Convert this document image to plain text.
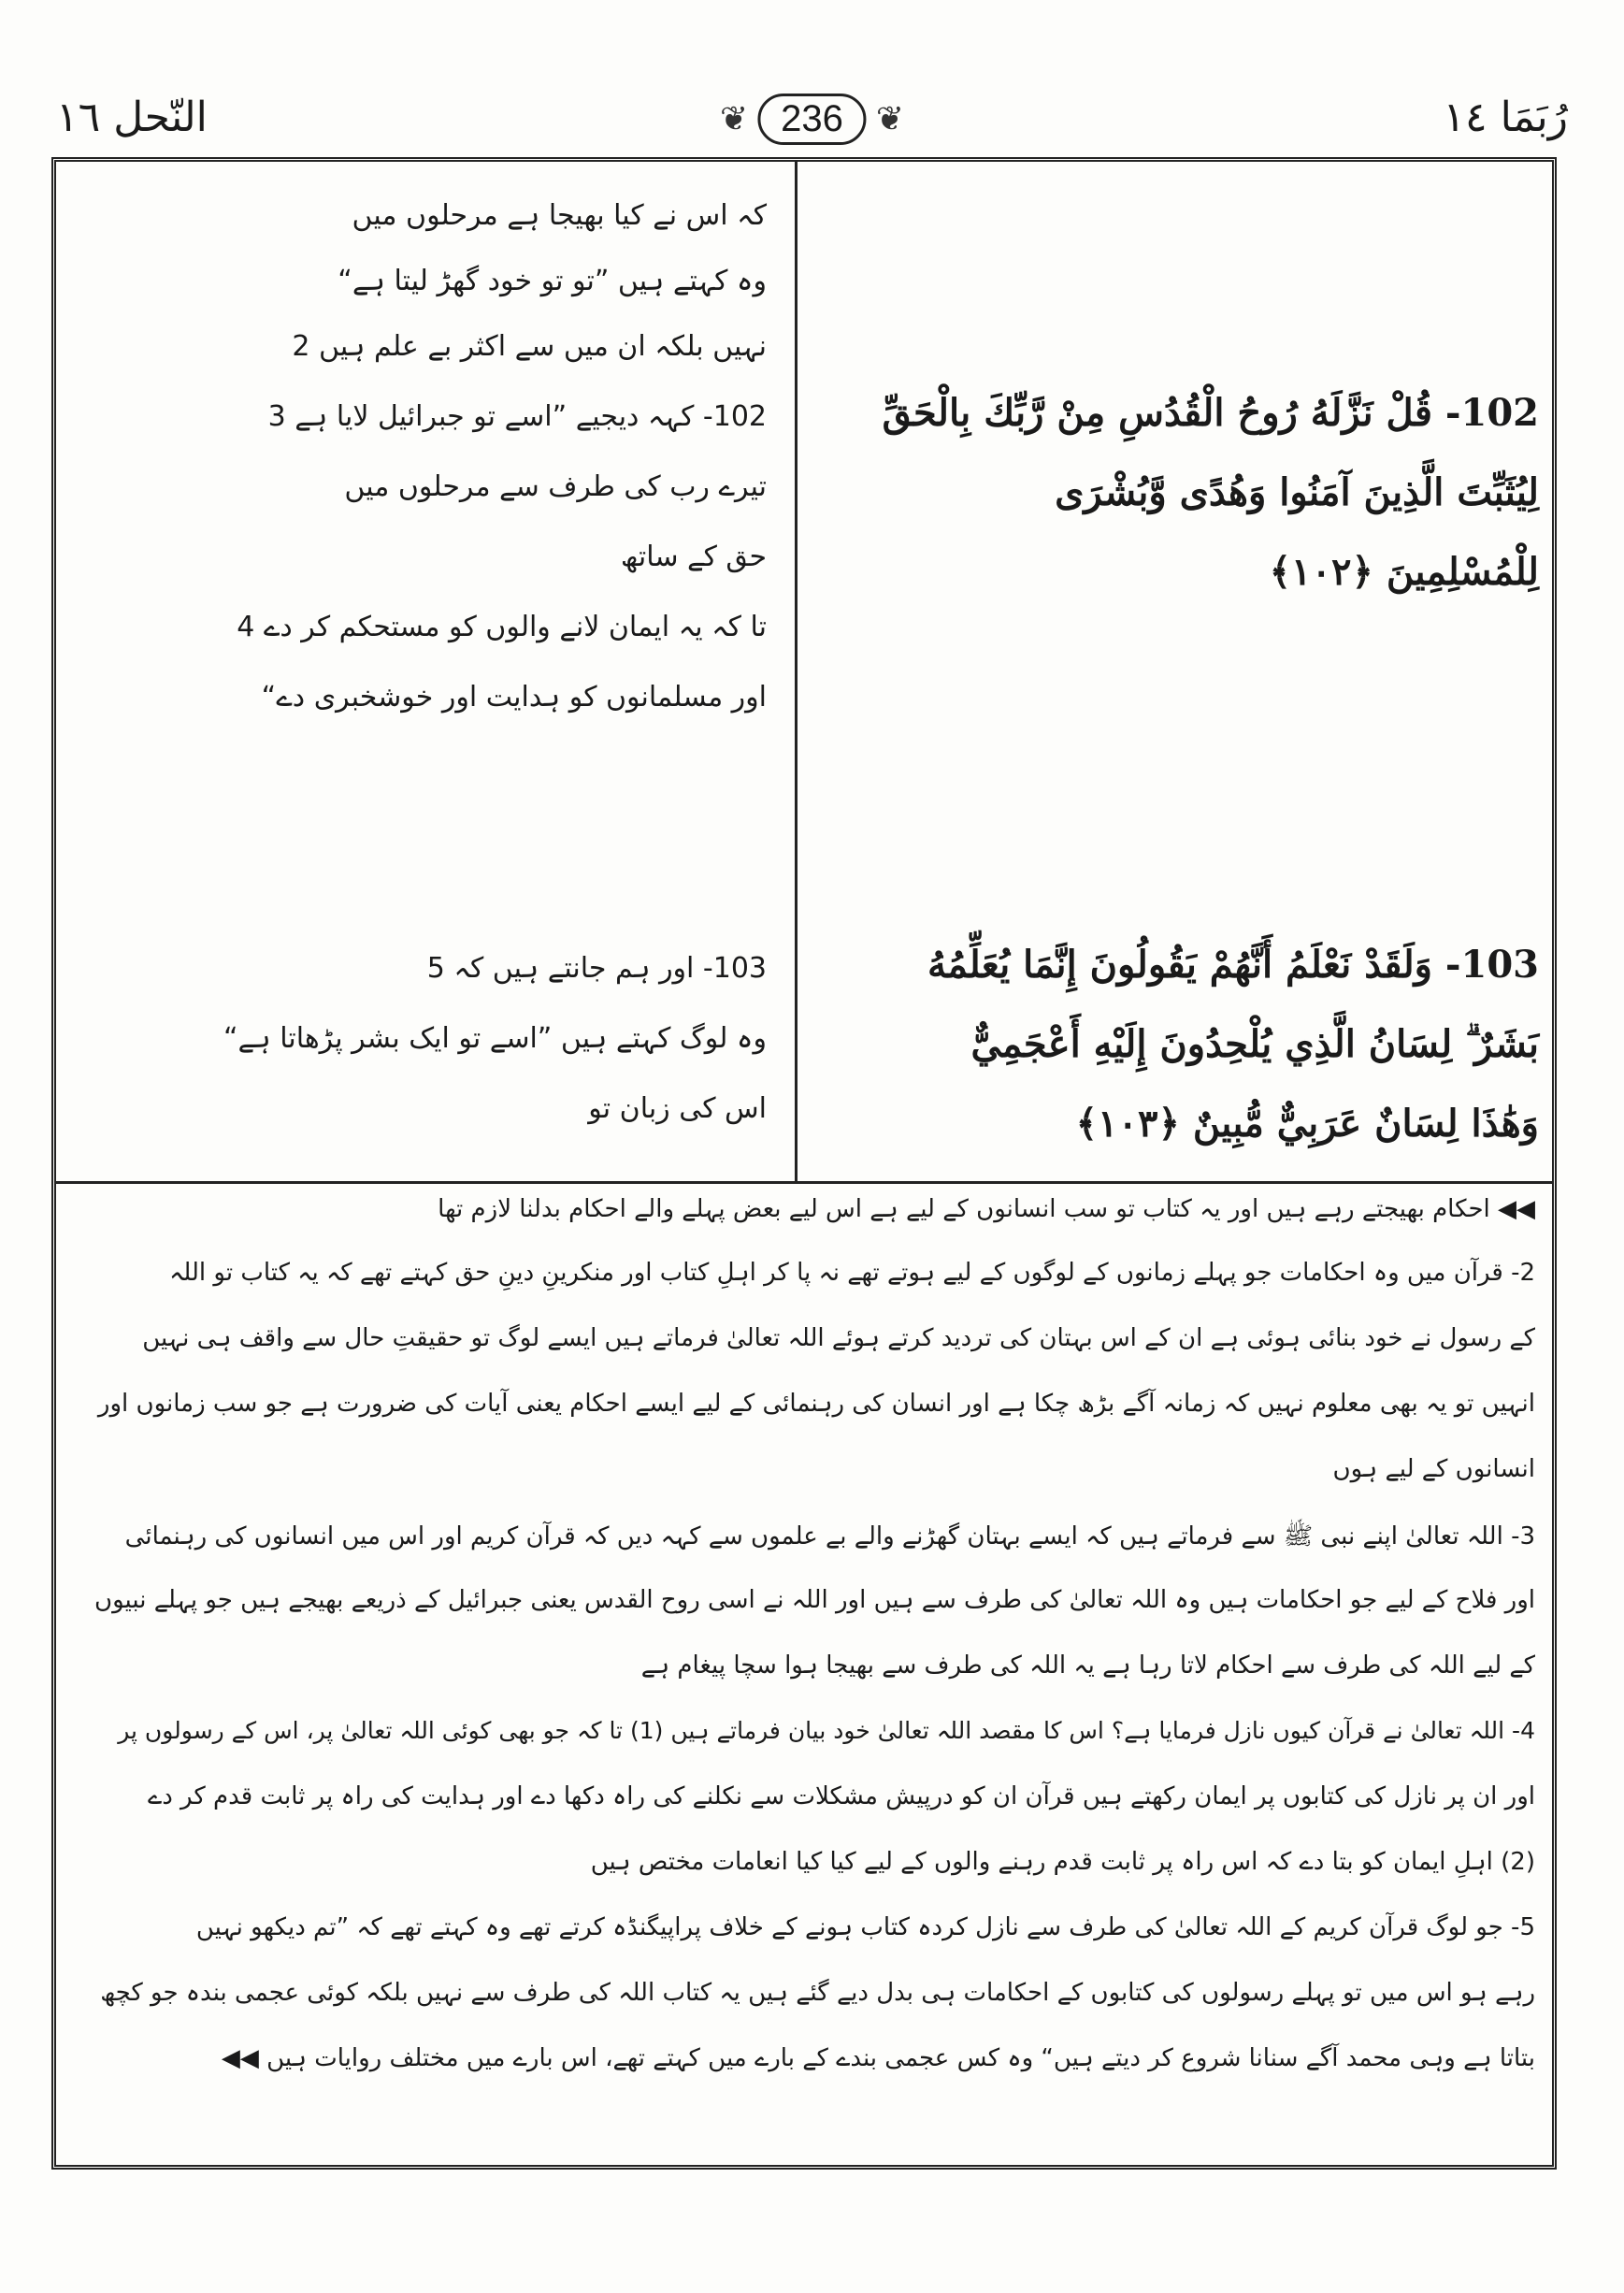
النّحل ١٦	❦ 236 ❦	رُبَمَا ١٤
کہ اس نے کیا بھیجا ہے مرحلوں میں
وہ کہتے ہیں ”تو تو خود گھڑ لیتا ہے“
نہیں بلکہ ان میں سے اکثر بے علم ہیں 2
102- کہہ دیجیے ”اسے تو جبرائیل لایا ہے 3
تیرے رب کی طرف سے مرحلوں میں
حق کے ساتھ
تا کہ یہ ایمان لانے والوں کو مستحکم کر دے 4
اور مسلمانوں کو ہدایت اور خوشخبری دے“
103- اور ہم جانتے ہیں کہ 5
وہ لوگ کہتے ہیں ”اسے تو ایک بشر پڑھاتا ہے“
اس کی زبان تو
102- قُلْ نَزَّلَهُ رُوحُ الْقُدُسِ مِنْ رَّبِّكَ بِالْحَقِّ
لِيُثَبِّتَ الَّذِينَ آمَنُوا وَهُدًى وَّبُشْرَى
لِلْمُسْلِمِينَ ﴿١٠٢﴾
103- وَلَقَدْ نَعْلَمُ أَنَّهُمْ يَقُولُونَ إِنَّمَا يُعَلِّمُهُ
بَشَرٌ ۗ لِسَانُ الَّذِي يُلْحِدُونَ إِلَيْهِ أَعْجَمِيٌّ
وَهَٰذَا لِسَانٌ عَرَبِيٌّ مُّبِينٌ ﴿١٠٣﴾
◀◀ احکام بھیجتے رہے ہیں اور یہ کتاب تو سب انسانوں کے لیے ہے اس لیے بعض پہلے والے احکام بدلنا لازم تھا
2- قرآن میں وہ احکامات جو پہلے زمانوں کے لوگوں کے لیے ہوتے تھے نہ پا کر اہلِ کتاب اور منکرینِ دینِ حق کہتے تھے کہ یہ کتاب تو اللہ
کے رسول نے خود بنائی ہوئی ہے ان کے اس بہتان کی تردید کرتے ہوئے اللہ تعالیٰ فرماتے ہیں ایسے لوگ تو حقیقتِ حال سے واقف ہی نہیں
انہیں تو یہ بھی معلوم نہیں کہ زمانہ آگے بڑھ چکا ہے اور انسان کی رہنمائی کے لیے ایسے احکام یعنی آیات کی ضرورت ہے جو سب زمانوں اور
انسانوں کے لیے ہوں
3- اللہ تعالیٰ اپنے نبی ﷺ سے فرماتے ہیں کہ ایسے بہتان گھڑنے والے بے علموں سے کہہ دیں کہ قرآن کریم اور اس میں انسانوں کی رہنمائی
اور فلاح کے لیے جو احکامات ہیں وہ اللہ تعالیٰ کی طرف سے ہیں اور اللہ نے اسی روح القدس یعنی جبرائیل کے ذریعے بھیجے ہیں جو پہلے نبیوں
کے لیے اللہ کی طرف سے احکام لاتا رہا ہے یہ اللہ کی طرف سے بھیجا ہوا سچا پیغام ہے
4- اللہ تعالیٰ نے قرآن کیوں نازل فرمایا ہے؟ اس کا مقصد اللہ تعالیٰ خود بیان فرماتے ہیں (1) تا کہ جو بھی کوئی اللہ تعالیٰ پر، اس کے رسولوں پر
اور ان پر نازل کی کتابوں پر ایمان رکھتے ہیں قرآن ان کو درپیش مشکلات سے نکلنے کی راہ دکھا دے اور ہدایت کی راہ پر ثابت قدم کر دے
(2) اہلِ ایمان کو بتا دے کہ اس راہ پر ثابت قدم رہنے والوں کے لیے کیا کیا انعامات مختص ہیں
5- جو لوگ قرآن کریم کے اللہ تعالیٰ کی طرف سے نازل کردہ کتاب ہونے کے خلاف پراپیگنڈہ کرتے تھے وہ کہتے تھے کہ ”تم دیکھو نہیں
رہے ہو اس میں تو پہلے رسولوں کی کتابوں کے احکامات ہی بدل دیے گئے ہیں یہ کتاب اللہ کی طرف سے نہیں بلکہ کوئی عجمی بندہ جو کچھ
بتاتا ہے وہی محمد آگے سنانا شروع کر دیتے ہیں“ وہ کس عجمی بندے کے بارے میں کہتے تھے، اس بارے میں مختلف روایات ہیں ◀◀
